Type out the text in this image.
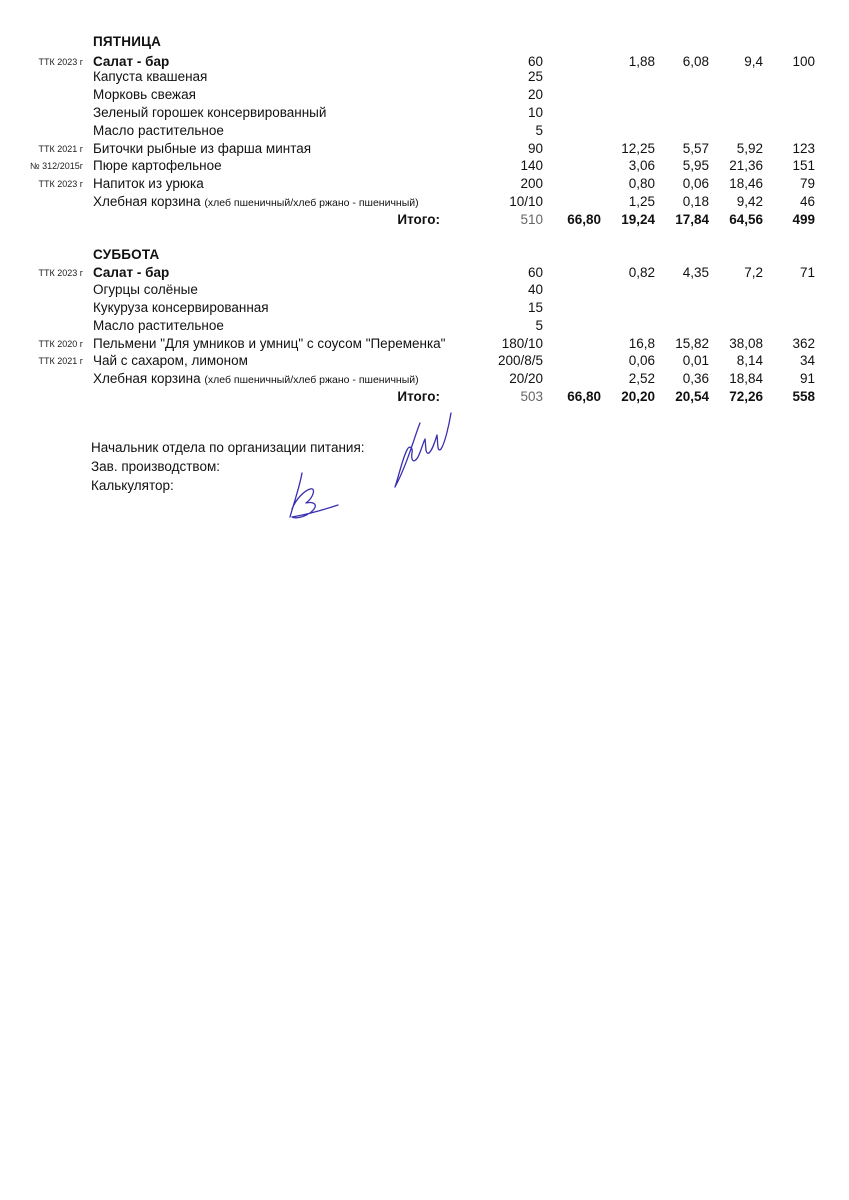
ПЯТНИЦА
ТТК 2023 г Салат - бар	60	1,88 6,08	9,4 100
Капуста квашеная	25
Морковь свежая	20
Зеленый горошек консервированный	10
Масло растительное	5
ТТК 2021 г Биточки рыбные из фарша минтая	90	12,25 5,57 5,92 123
№ 312/2015г Пюре картофельное	140	3,06 5,95 21,36 151
ТТК 2023 г Напиток из урюка	200	0,80 0,06 18,46	79
Хлебная корзина (хлеб пшеничный/хлеб ржано - пшеничный)	10/10	1,25 0,18 9,42	46
Итого:	510 66,80 19,24 17,84 64,56 499
СУББОТА
ТТК 2023 г Салат - бар	60	0,82 4,35	7,2	71
Огурцы солёные	40
Кукуруза консервированная	15
Масло растительное	5
ТТК 2020 г Пельмени "Для умников и умниц" с соусом "Переменка"	180/10	16,8 15,82 38,08 362
ТТК 2021 г Чай с сахаром, лимоном	200/8/5	0,06 0,01 8,14	34
Хлебная корзина (хлеб пшеничный/хлеб ржано - пшеничный)	20/20	2,52 0,36 18,84	91
Итого:	503 66,80 20,20 20,54 72,26 558
Начальник отдела по организации питания:
Зав. производством:
Калькулятор:
